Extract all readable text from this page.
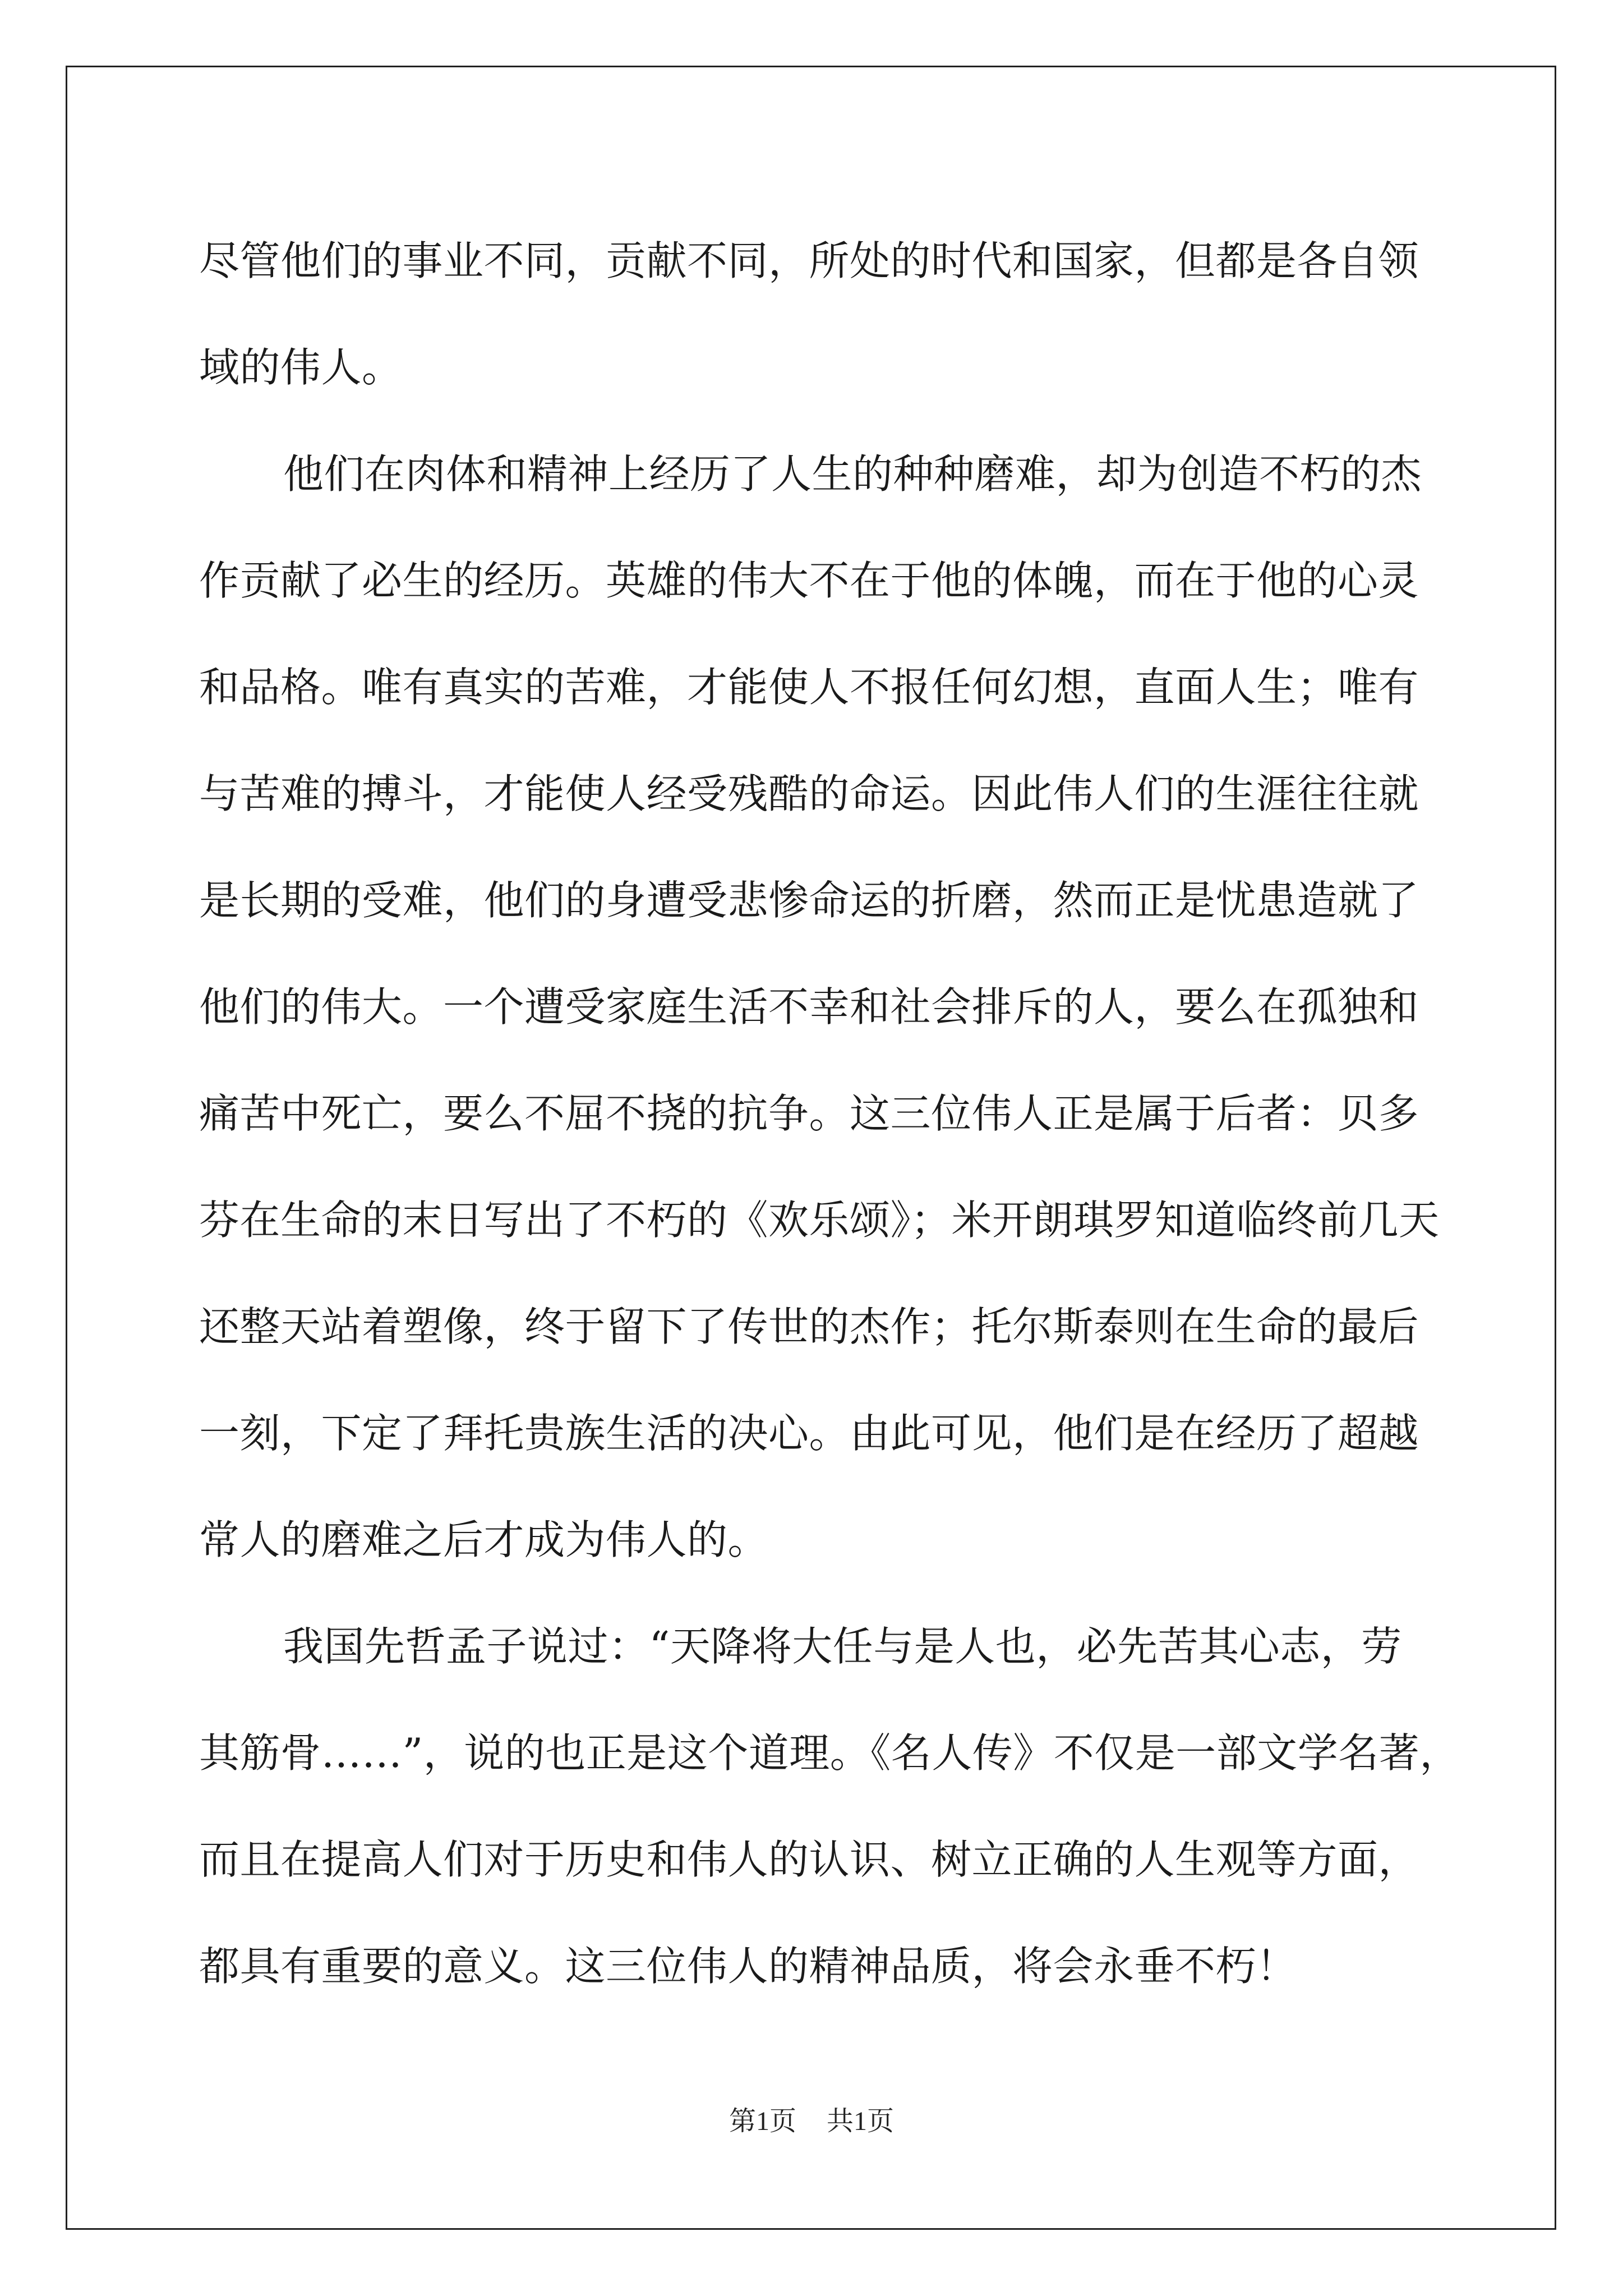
尽管他们的事业不同，贡献不同，所处的时代和国家，但都是各自领
域的伟人。
他们在肉体和精神上经历了人生的种种磨难，却为创造不朽的杰
作贡献了必生的经历。英雄的伟大不在于他的体魄，而在于他的心灵
和品格。唯有真实的苦难，才能使人不报任何幻想，直面人生；唯有
与苦难的搏斗，才能使人经受残酷的命运。因此伟人们的生涯往往就
是长期的受难，他们的身遭受悲惨命运的折磨，然而正是忧患造就了
他们的伟大。一个遭受家庭生活不幸和社会排斥的人，要么在孤独和
痛苦中死亡，要么不屈不挠的抗争。这三位伟人正是属于后者：贝多
芬在生命的末日写出了不朽的《欢乐颂》；米开朗琪罗知道临终前几天
还整天站着塑像，终于留下了传世的杰作；托尔斯泰则在生命的最后
一刻，下定了拜托贵族生活的决心。由此可见，他们是在经历了超越
常人的磨难之后才成为伟人的。
我国先哲孟子说过：“天降将大任与是人也，必先苦其心志，劳
其筋骨……”，说的也正是这个道理。《名人传》不仅是一部文学名著，
而且在提高人们对于历史和伟人的认识、树立正确的人生观等方面，
都具有重要的意义。这三位伟人的精神品质，将会永垂不朽！
第1页 共1页
